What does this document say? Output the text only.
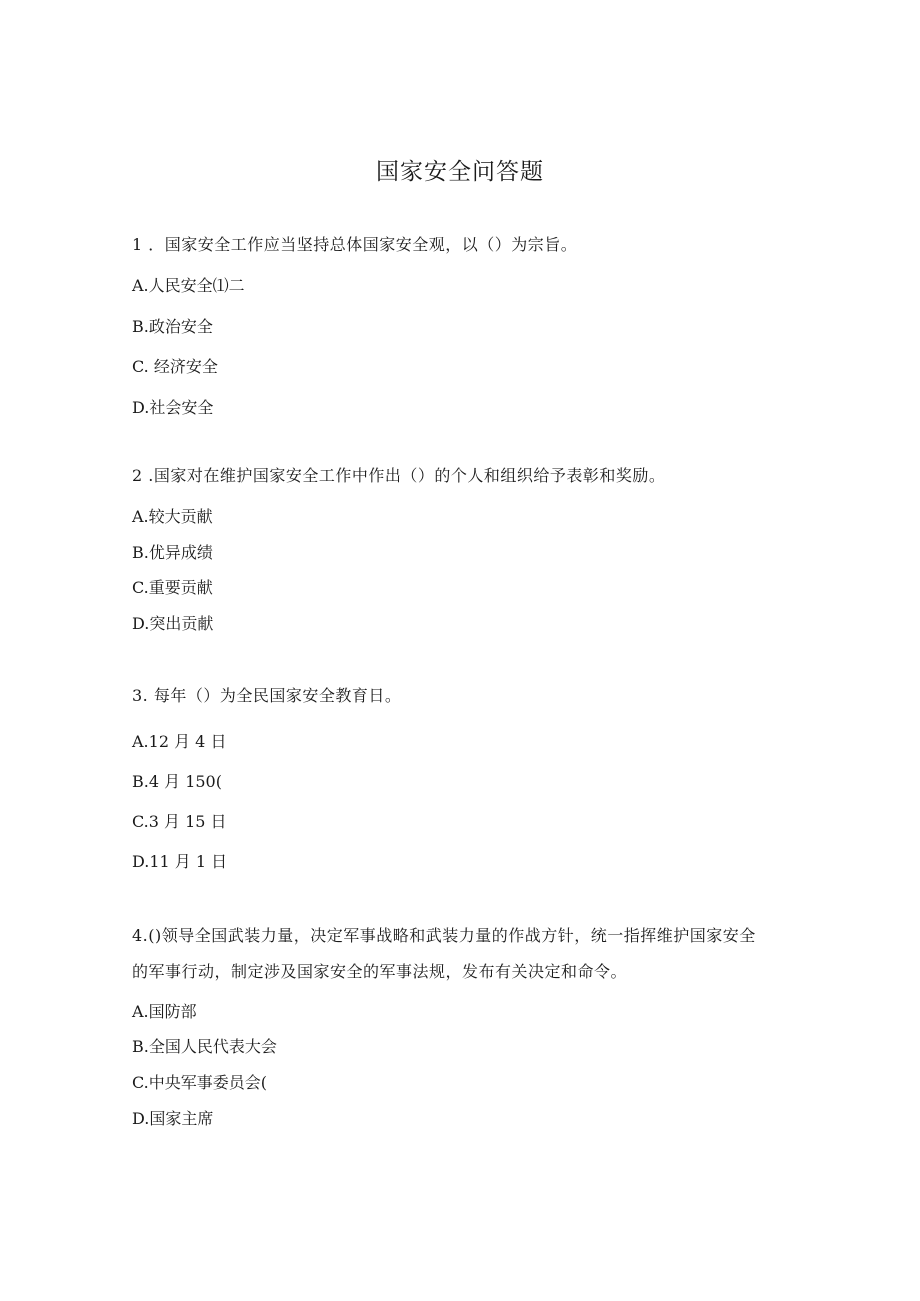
国家安全问答题
1 ．国家安全工作应当坚持总体国家安全观，以（）为宗旨。
A.人民安全⑴二
B.政治安全
C. 经济安全
D.社会安全
2 .国家对在维护国家安全工作中作出（）的个人和组织给予表彰和奖励。
A.较大贡献
B.优异成绩
C.重要贡献
D.突出贡献
3. 每年（）为全民国家安全教育日。
A.12 月 4 日
B.4 月 150(
C.3 月 15 日
D.11 月 1 日
4.()领导全国武装力量，决定军事战略和武装力量的作战方针，统一指挥维护国家安全
的军事行动，制定涉及国家安全的军事法规，发布有关决定和命令。
A.国防部
B.全国人民代表大会
C.中央军事委员会(
D.国家主席
